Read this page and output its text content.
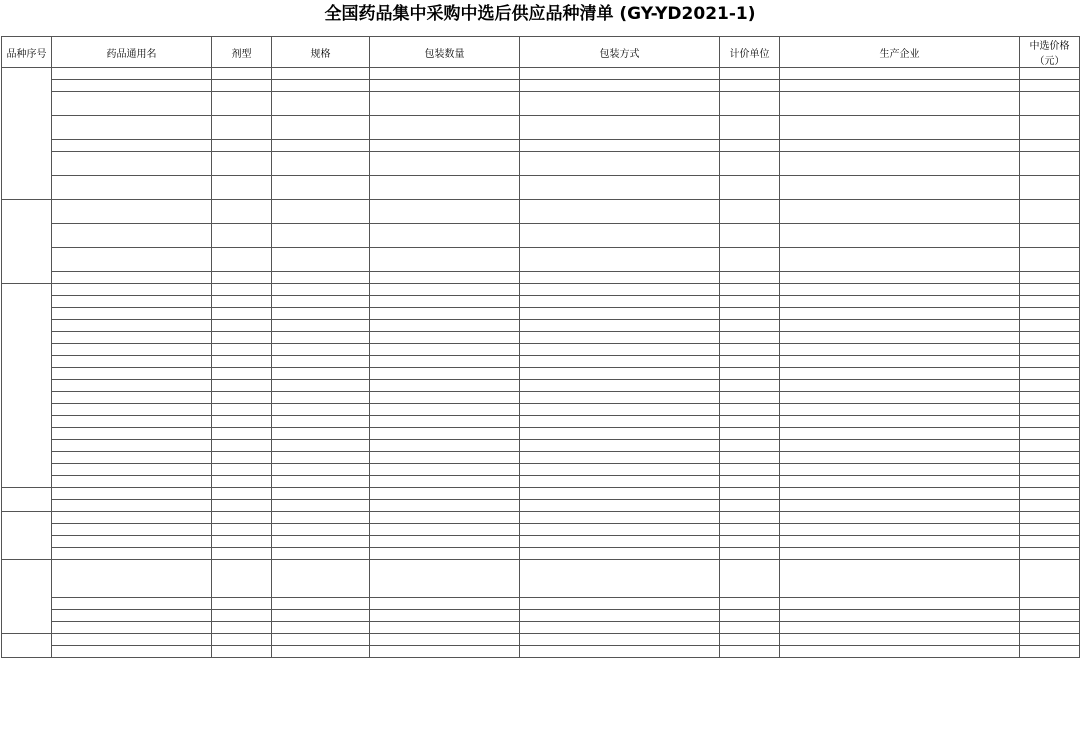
全国药品集中采购中选后供应品种清单 (GY-YD2021-1)
品种序号	药品通用名	剂型	规格	包装数量	包装方式	计价单位	生产企业	中选价格
（元）
